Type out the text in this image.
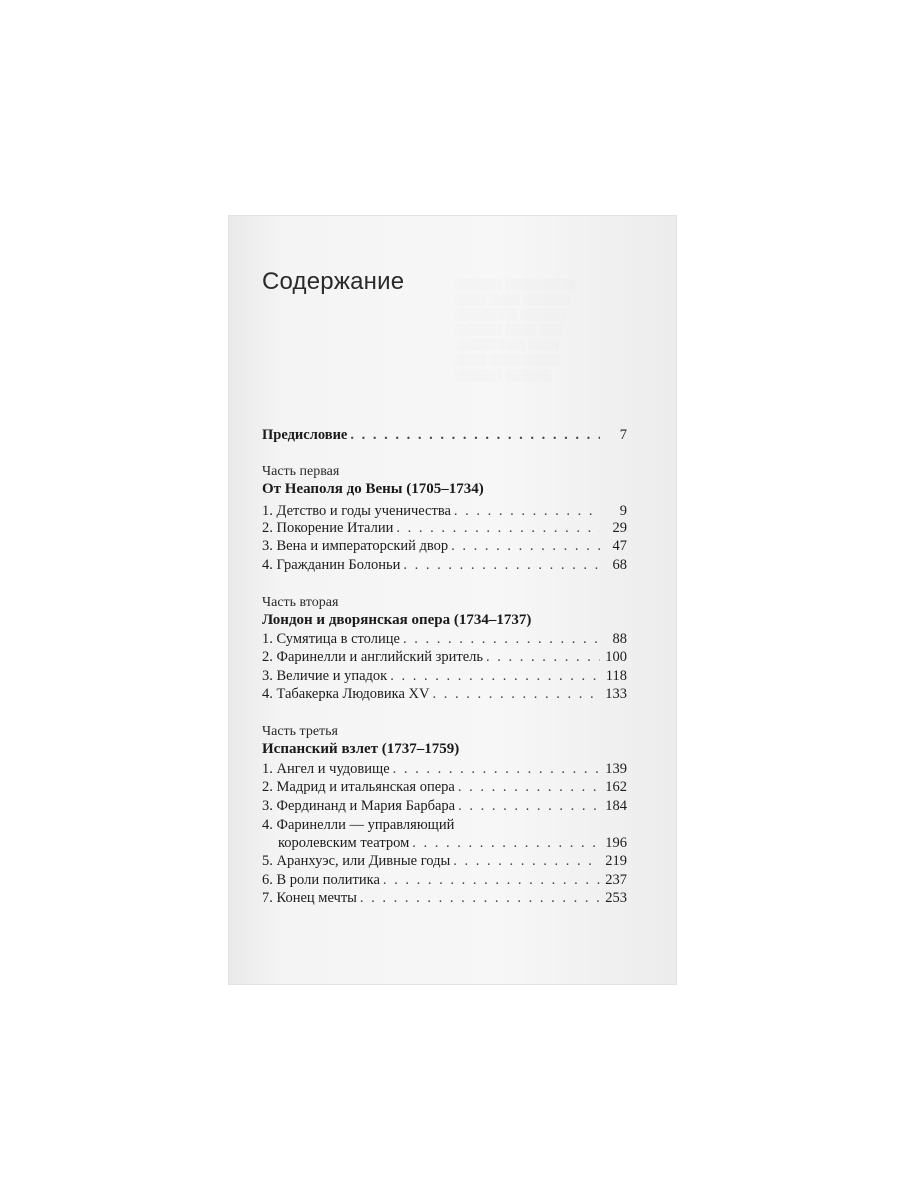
░░░░░░ ░░░░░░░░░
░░░░ ░░░░ ░░░░░░
░░░░░░░░ ░░░░░░
░░░░░░ ░░░░ ░░░
░░░░░░░░░ ░░░░
░░░░ ░░░░░░░░░
░░░░░░ ░░░░░░
Содержание
Предисловие . . .	7
Часть первая
От Неаполя до Вены (1705–1734)
1. Детство и годы ученичества . . .	9
2. Покорение Италии . . .	29
3. Вена и императорский двор . . .	47
4. Гражданин Болоньи . . .	68
Часть вторая
Лондон и дворянская опера (1734–1737)
1. Сумятица в столице . . .	88
2. Фаринелли и английский зритель . . .	100
3. Величие и упадок . . .	118
4. Табакерка Людовика XV . . .	133
Часть третья
Испанский взлет (1737–1759)
1. Ангел и чудовище . . .	139
2. Мадрид и итальянская опера . . .	162
3. Фердинанд и Мария Барбара . . .	184
4. Фаринелли — управляющий
королевским театром . . .	196
5. Аранхуэс, или Дивные годы . . .	219
6. В роли политика . . .	237
7. Конец мечты . . .	253
